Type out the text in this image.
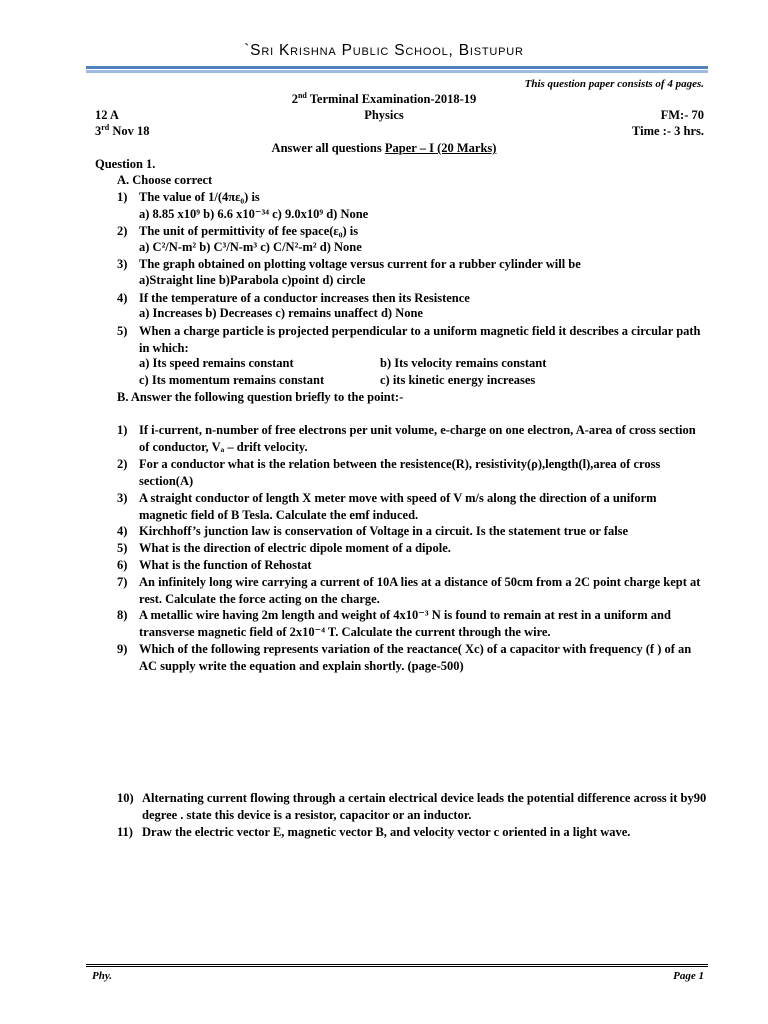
`Sri Krishna Public School, Bistupur
This question paper consists of 4 pages.
2nd Terminal Examination-2018-19
12 A	Physics	FM:- 70
3rd Nov 18	Time :- 3 hrs.
Answer all questions Paper – I (20 Marks)
Question 1.
A. Choose correct
1) The value of 1/(4πε₀) is
a) 8.85 x10⁹ b) 6.6 x10⁻³⁴ c) 9.0x10⁹ d) None
2) The unit of permittivity of fee space(ε₀) is
a) C²/N-m² b) C³/N-m³ c) C/N²-m² d) None
3) The graph obtained on plotting voltage versus current for a rubber cylinder will be
a)Straight line b)Parabola c)point d) circle
4) If the temperature of a conductor increases then its Resistence
a) Increases b) Decreases c) remains unaffect d) None
5) When a charge particle is projected perpendicular to a uniform magnetic field it describes a circular path in which:
a) Its speed remains constant	b) Its velocity remains constant
c) Its momentum remains constant	c) its kinetic energy increases
B. Answer the following question briefly to the point:-
1) If i-current, n-number of free electrons per unit volume, e-charge on one electron, A-area of cross section of conductor, Vₐ – drift velocity.
2) For a conductor what is the relation between the resistence(R), resistivity(ρ),length(l),area of cross section(A)
3) A straight conductor of length X meter move with speed of V m/s along the direction of a uniform magnetic field of B Tesla. Calculate the emf induced.
4) Kirchhoff’s junction law is conservation of Voltage in a circuit. Is the statement true or false
5) What is the direction of electric dipole moment of a dipole.
6) What is the function of Rehostat
7) An infinitely long wire carrying a current of 10A lies at a distance of 50cm from a 2C point charge kept at rest. Calculate the force acting on the charge.
8) A metallic wire having 2m length and weight of 4x10⁻³ N is found to remain at rest in a uniform and transverse magnetic field of 2x10⁻⁴ T. Calculate the current through the wire.
9) Which of the following represents variation of the reactance( Xc) of a capacitor with frequency (f ) of an AC supply write the equation and explain shortly. (page-500)
10) Alternating current flowing through a certain electrical device leads the potential difference across it by90 degree . state this device is a resistor, capacitor or an inductor.
11) Draw the electric vector E, magnetic vector B, and velocity vector c oriented in a light wave.
Phy.	Page 1
